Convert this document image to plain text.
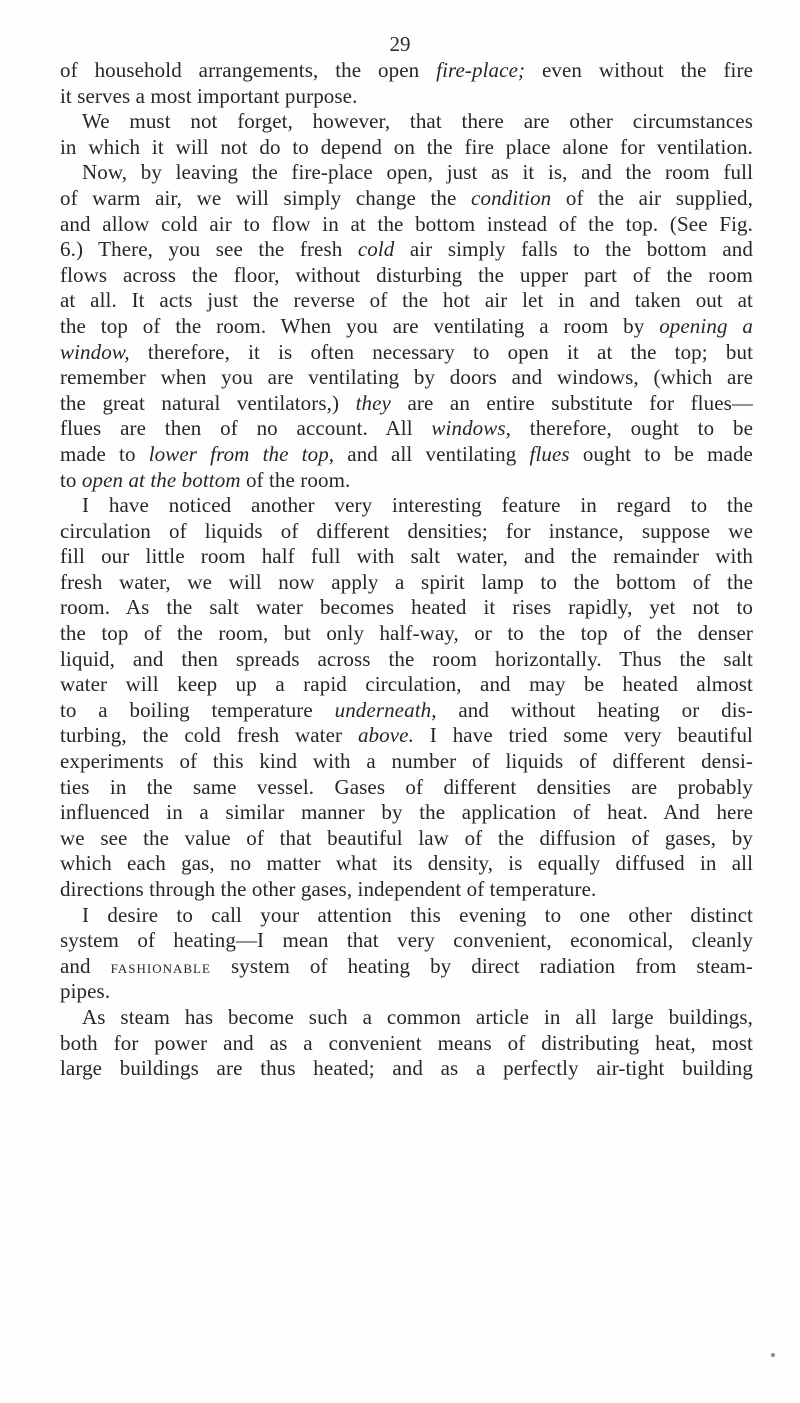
29
of household arrangements, the open fire-place; even without the fire
it serves a most important purpose.
We must not forget, however, that there are other circumstances
in which it will not do to depend on the fire place alone for ventilation.
Now, by leaving the fire-place open, just as it is, and the room full
of warm air, we will simply change the condition of the air supplied,
and allow cold air to flow in at the bottom instead of the top. (See Fig.
6.) There, you see the fresh cold air simply falls to the bottom and
flows across the floor, without disturbing the upper part of the room
at all. It acts just the reverse of the hot air let in and taken out at
the top of the room. When you are ventilating a room by opening a
window, therefore, it is often necessary to open it at the top; but
remember when you are ventilating by doors and windows, (which are
the great natural ventilators,) they are an entire substitute for flues—
flues are then of no account. All windows, therefore, ought to be
made to lower from the top, and all ventilating flues ought to be made
to open at the bottom of the room.
I have noticed another very interesting feature in regard to the
circulation of liquids of different densities; for instance, suppose we
fill our little room half full with salt water, and the remainder with
fresh water, we will now apply a spirit lamp to the bottom of the
room. As the salt water becomes heated it rises rapidly, yet not to
the top of the room, but only half-way, or to the top of the denser
liquid, and then spreads across the room horizontally. Thus the salt
water will keep up a rapid circulation, and may be heated almost
to a boiling temperature underneath, and without heating or dis-
turbing, the cold fresh water above. I have tried some very beautiful
experiments of this kind with a number of liquids of different densi-
ties in the same vessel. Gases of different densities are probably
influenced in a similar manner by the application of heat. And here
we see the value of that beautiful law of the diffusion of gases, by
which each gas, no matter what its density, is equally diffused in all
directions through the other gases, independent of temperature.
I desire to call your attention this evening to one other distinct
system of heating—I mean that very convenient, economical, cleanly
and fashionable system of heating by direct radiation from steam-
pipes.
As steam has become such a common article in all large buildings,
both for power and as a convenient means of distributing heat, most
large buildings are thus heated; and as a perfectly air-tight building
